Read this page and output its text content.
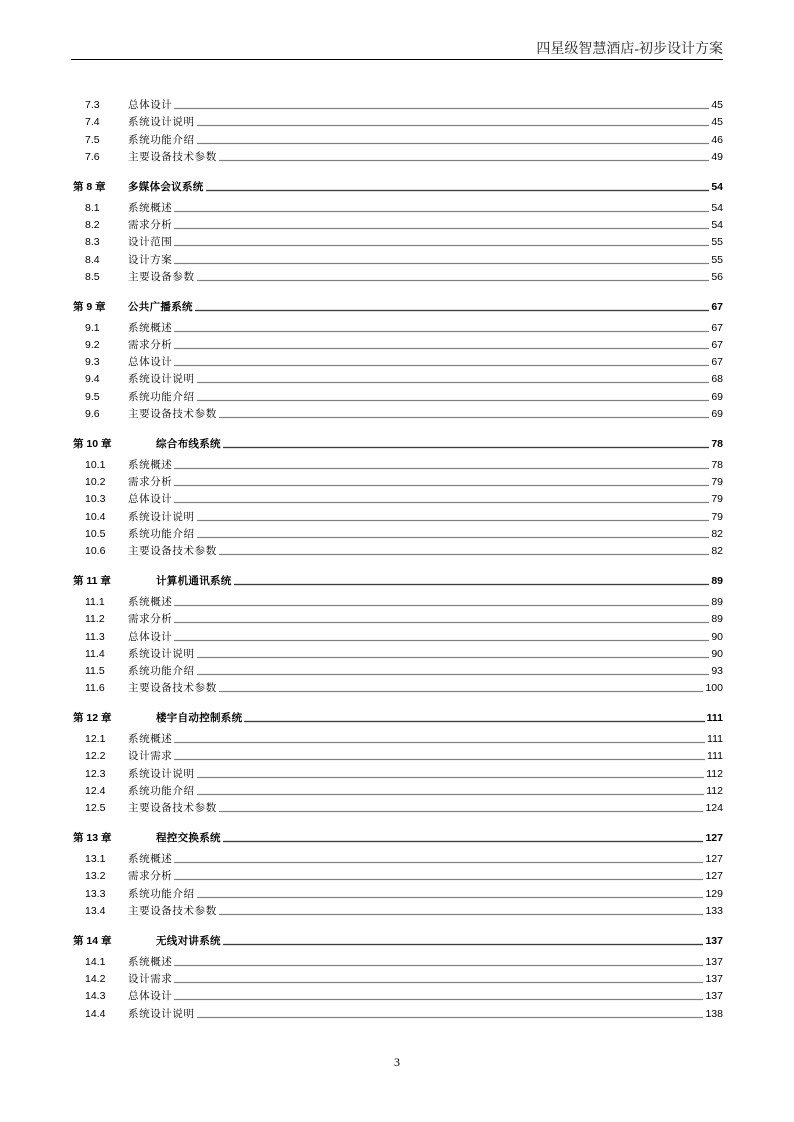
四星级智慧酒店-初步设计方案
7.3	总体设计	45
7.4	系统设计说明	45
7.5	系统功能介绍	46
7.6	主要设备技术参数	49
第 8 章	多媒体会议系统	54
8.1	系统概述	54
8.2	需求分析	54
8.3	设计范围	55
8.4	设计方案	55
8.5	主要设备参数	56
第 9 章	公共广播系统	67
9.1	系统概述	67
9.2	需求分析	67
9.3	总体设计	67
9.4	系统设计说明	68
9.5	系统功能介绍	69
9.6	主要设备技术参数	69
第 10 章	综合布线系统	78
10.1	系统概述	78
10.2	需求分析	79
10.3	总体设计	79
10.4	系统设计说明	79
10.5	系统功能介绍	82
10.6	主要设备技术参数	82
第 11 章	计算机通讯系统	89
11.1	系统概述	89
11.2	需求分析	89
11.3	总体设计	90
11.4	系统设计说明	90
11.5	系统功能介绍	93
11.6	主要设备技术参数	100
第 12 章	楼宇自动控制系统	111
12.1	系统概述	111
12.2	设计需求	111
12.3	系统设计说明	112
12.4	系统功能介绍	112
12.5	主要设备技术参数	124
第 13 章	程控交换系统	127
13.1	系统概述	127
13.2	需求分析	127
13.3	系统功能介绍	129
13.4	主要设备技术参数	133
第 14 章	无线对讲系统	137
14.1	系统概述	137
14.2	设计需求	137
14.3	总体设计	137
14.4	系统设计说明	138
3
